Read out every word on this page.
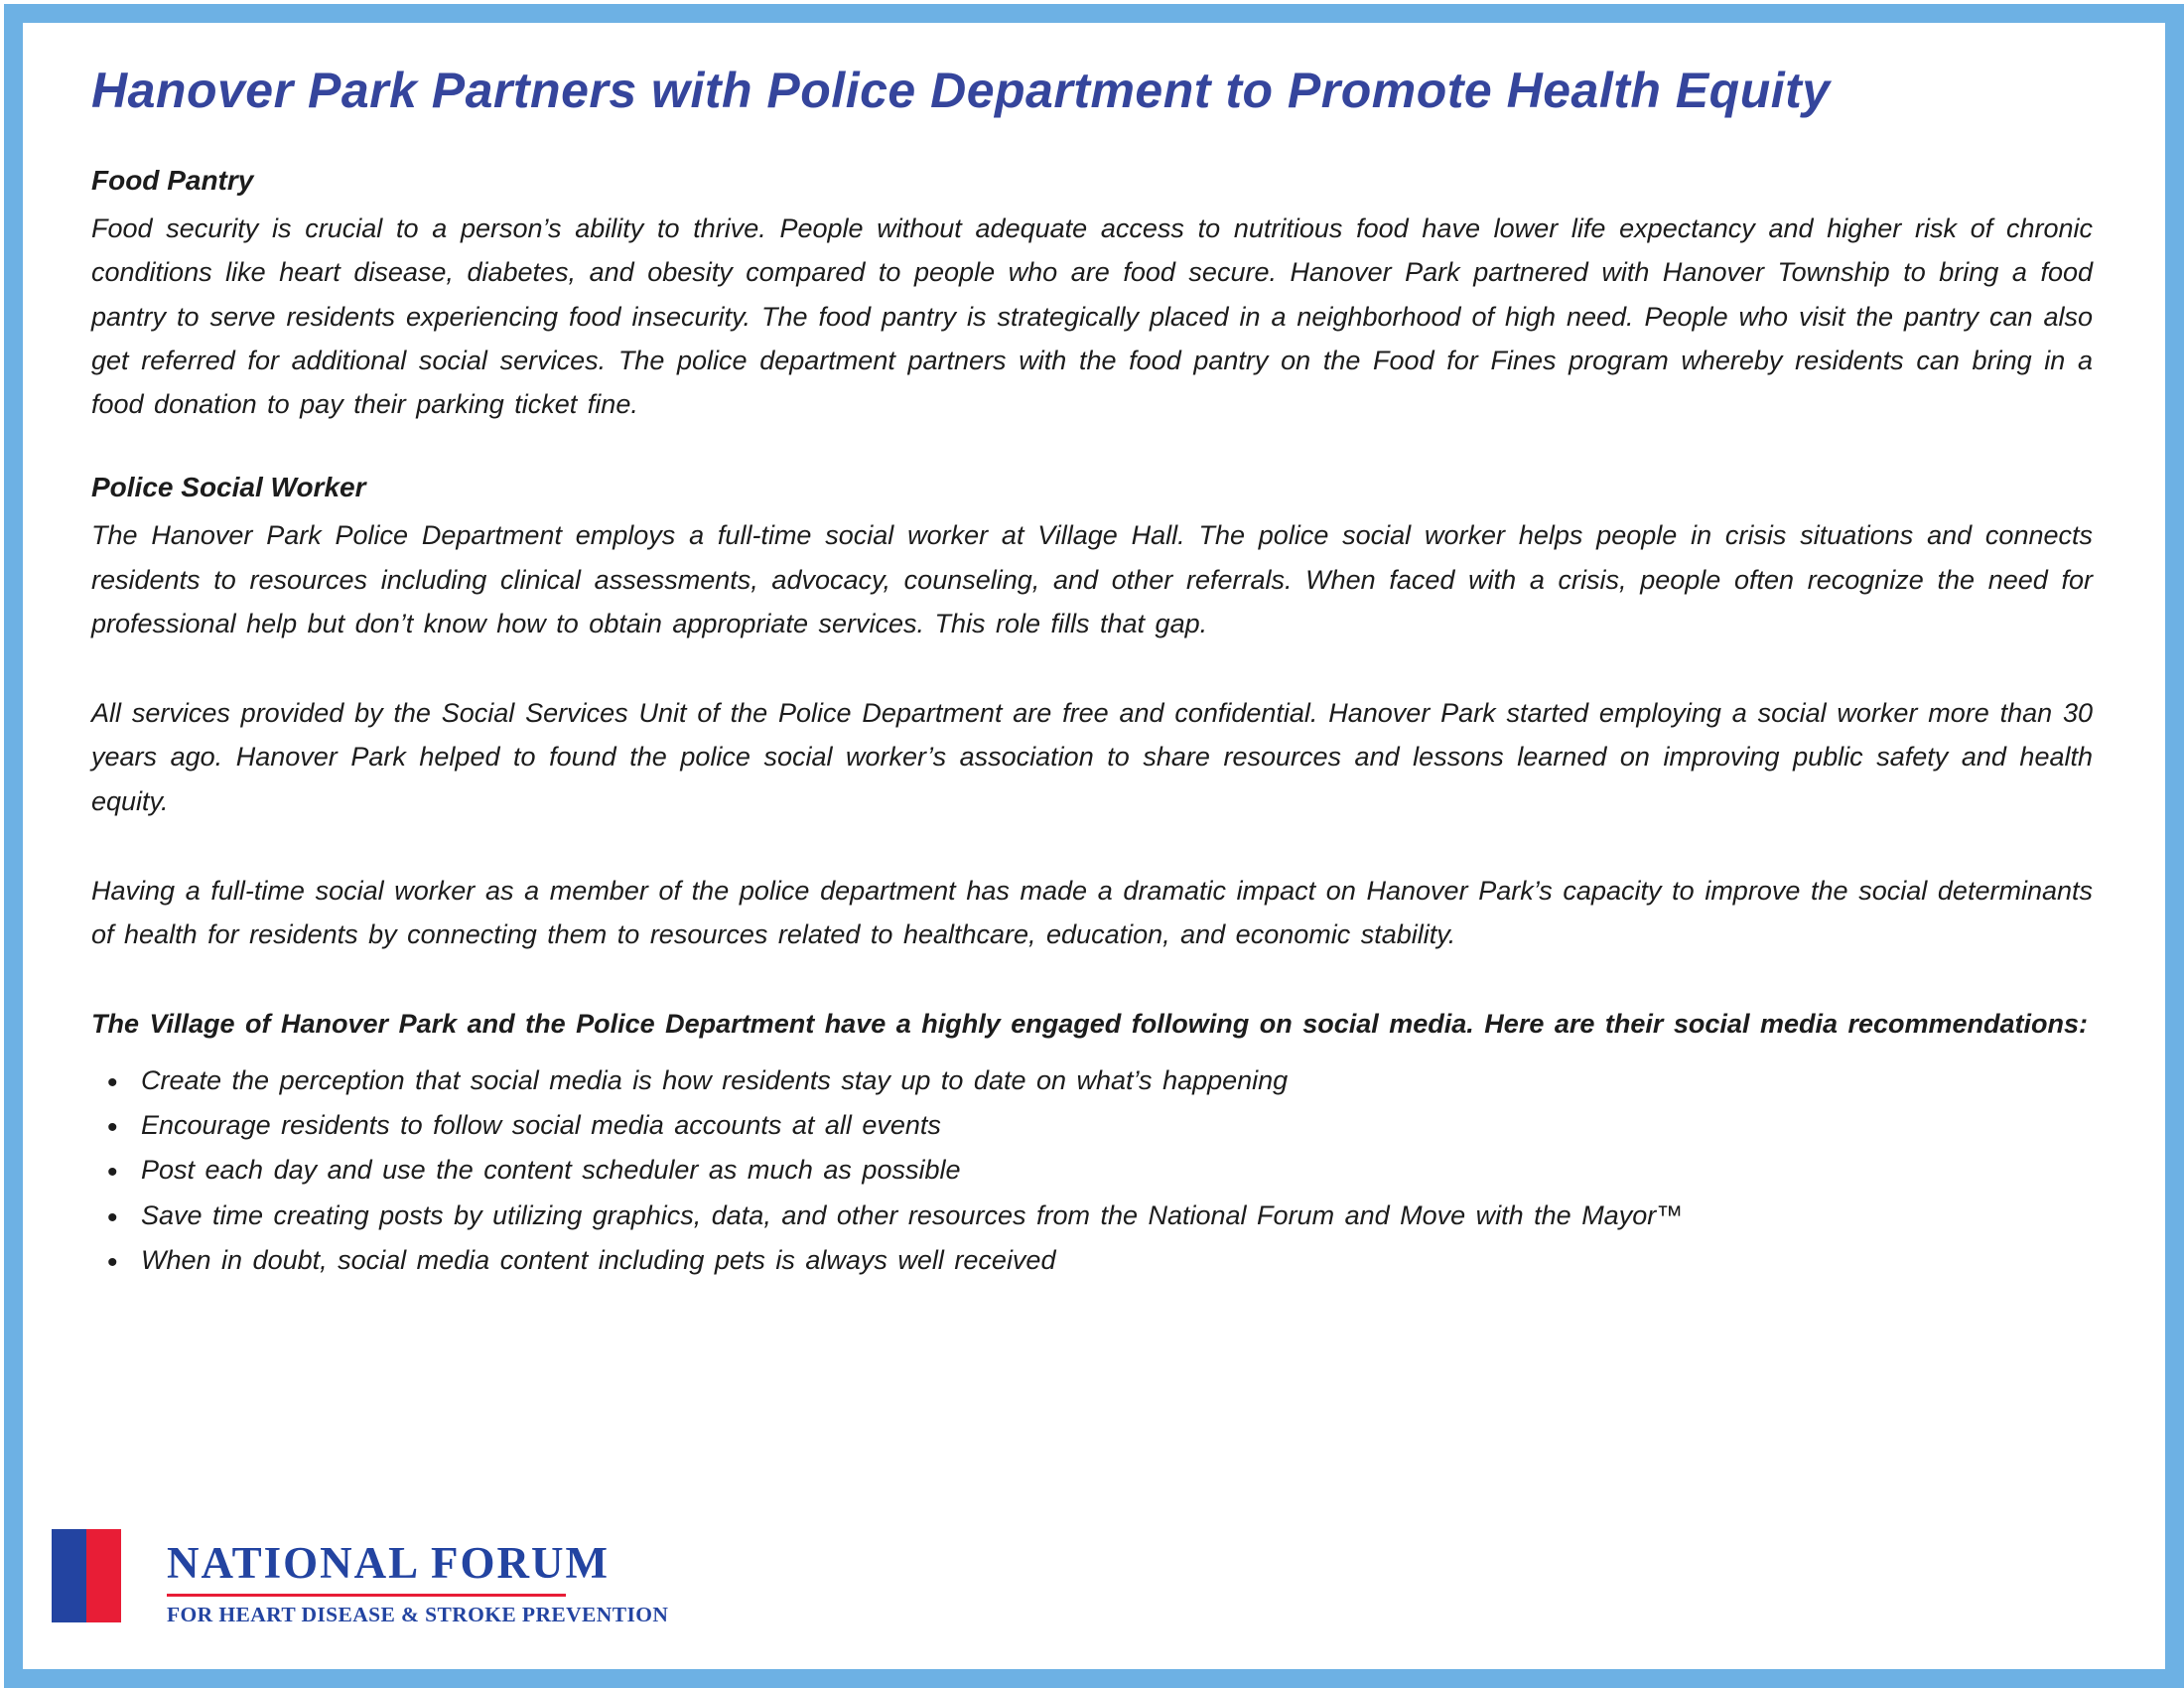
Hanover Park Partners with Police Department to Promote Health Equity
Food Pantry

Food security is crucial to a person’s ability to thrive. People without adequate access to nutritious food have lower life expectancy and higher risk of chronic conditions like heart disease, diabetes, and obesity compared to people who are food secure. Hanover Park partnered with Hanover Township to bring a food pantry to serve residents experiencing food insecurity. The food pantry is strategically placed in a neighborhood of high need. People who visit the pantry can also get referred for additional social services. The police department partners with the food pantry on the Food for Fines program whereby residents can bring in a food donation to pay their parking ticket fine.

Police Social Worker

The Hanover Park Police Department employs a full-time social worker at Village Hall. The police social worker helps people in crisis situations and connects residents to resources including clinical assessments, advocacy, counseling, and other referrals. When faced with a crisis, people often recognize the need for professional help but don’t know how to obtain appropriate services. This role fills that gap.

All services provided by the Social Services Unit of the Police Department are free and confidential. Hanover Park started employing a social worker more than 30 years ago. Hanover Park helped to found the police social worker’s association to share resources and lessons learned on improving public safety and health equity.

Having a full-time social worker as a member of the police department has made a dramatic impact on Hanover Park’s capacity to improve the social determinants of health for residents by connecting them to resources related to healthcare, education, and economic stability.

The Village of Hanover Park and the Police Department have a highly engaged following on social media. Here are their social media recommendations:

• Create the perception that social media is how residents stay up to date on what’s happening
• Encourage residents to follow social media accounts at all events
• Post each day and use the content scheduler as much as possible
• Save time creating posts by utilizing graphics, data, and other resources from the National Forum and Move with the Mayor™
• When in doubt, social media content including pets is always well received
NATIONAL FORUM
FOR HEART DISEASE & STROKE PREVENTION
